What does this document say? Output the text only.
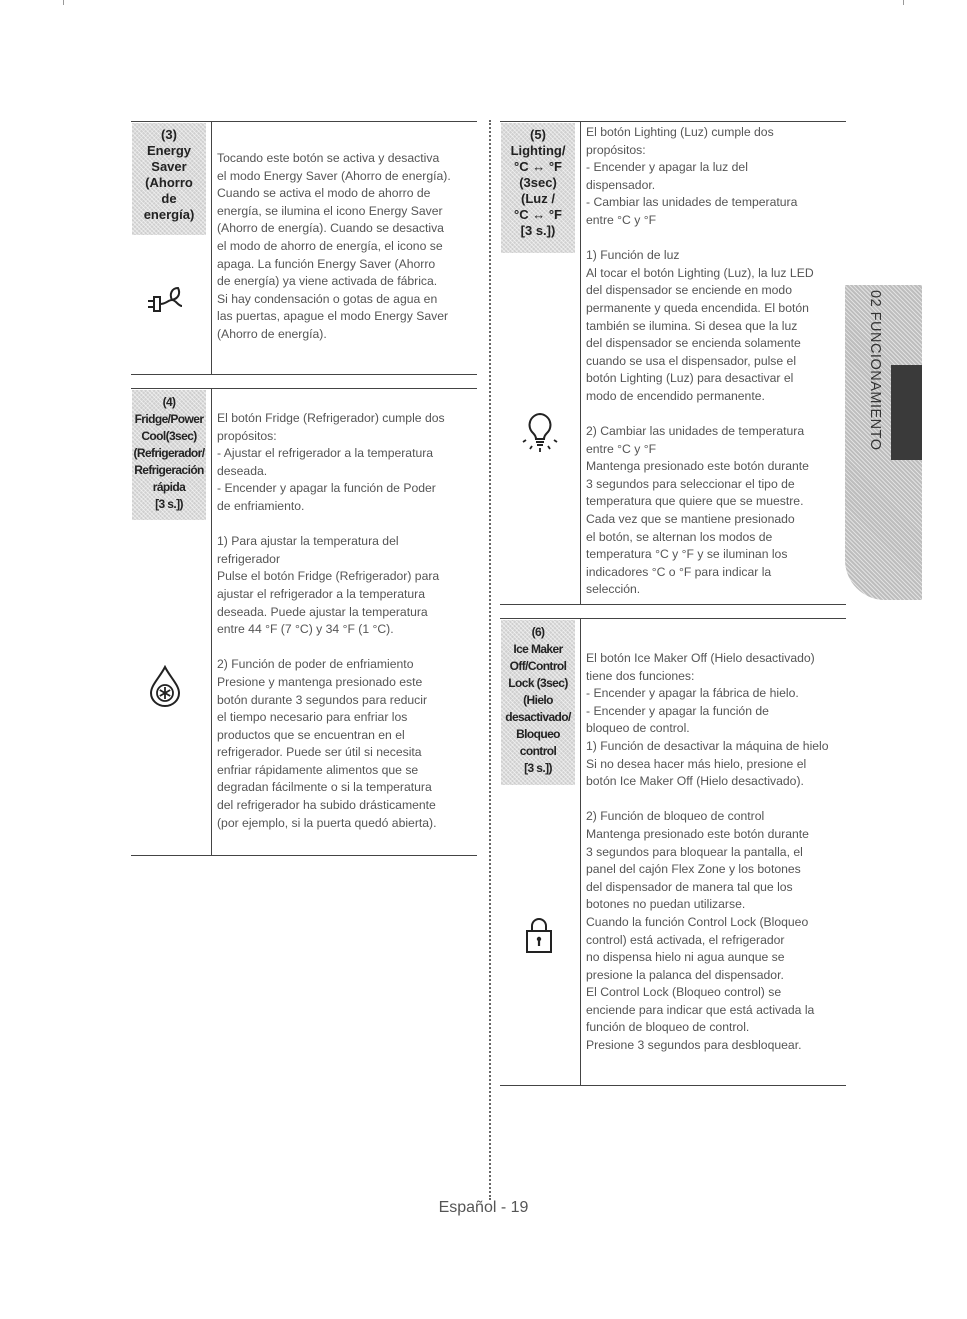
(3)
Energy
Saver
(Ahorro
de
energía)

Tocando este botón se activa y desactiva
el modo Energy Saver (Ahorro de energía).
Cuando se activa el modo de ahorro de
energía, se ilumina el icono Energy Saver
(Ahorro de energía). Cuando se desactiva
el modo de ahorro de energía, el icono se
apaga. La función Energy Saver (Ahorro
de energía) ya viene activada de fábrica.
Si hay condensación o gotas de agua en
las puertas, apague el modo Energy Saver
(Ahorro de energía).

(4)
Fridge/Power
Cool(3sec)
(Refrigerador/
Refrigeración
rápida
[3 s.])

El botón Fridge (Refrigerador) cumple dos
propósitos:
- Ajustar el refrigerador a la temperatura
deseada.
- Encender y apagar la función de Poder
de enfriamiento.

1) Para ajustar la temperatura del
refrigerador
Pulse el botón Fridge (Refrigerador) para
ajustar el refrigerador a la temperatura
deseada. Puede ajustar la temperatura
entre 44 °F (7 °C) y 34 °F (1 °C).

2) Función de poder de enfriamiento
Presione y mantenga presionado este
botón durante 3 segundos para reducir
el tiempo necesario para enfriar los
productos que se encuentran en el
refrigerador. Puede ser útil si necesita
enfriar rápidamente alimentos que se
degradan fácilmente o si la temperatura
del refrigerador ha subido drásticamente
(por ejemplo, si la puerta quedó abierta).

(5)
Lighting/
°C ↔ °F
(3sec)
(Luz /
°C ↔ °F
[3 s.])

El botón Lighting (Luz) cumple dos
propósitos:
- Encender y apagar la luz del
dispensador.
- Cambiar las unidades de temperatura
entre °C y °F

1) Función de luz
Al tocar el botón Lighting (Luz), la luz LED
del dispensador se enciende en modo
permanente y queda encendida. El botón
también se ilumina. Si desea que la luz
del dispensador se encienda solamente
cuando se usa el dispensador, pulse el
botón Lighting (Luz) para desactivar el
modo de encendido permanente.

2) Cambiar las unidades de temperatura
entre °C y °F
Mantenga presionado este botón durante
3 segundos para seleccionar el tipo de
temperatura que quiere que se muestre.
Cada vez que se mantiene presionado
el botón, se alternan los modos de
temperatura °C y °F y se iluminan los
indicadores °C o °F para indicar la
selección.

(6)
Ice Maker
Off/Control
Lock (3sec)
(Hielo
desactivado/
Bloqueo
control
[3 s.])

El botón Ice Maker Off (Hielo desactivado)
tiene dos funciones:
- Encender y apagar la fábrica de hielo.
- Encender y apagar la función de
bloqueo de control.
1) Función de desactivar la máquina de hielo
Si no desea hacer más hielo, presione el
botón Ice Maker Off (Hielo desactivado).

2) Función de bloqueo de control
Mantenga presionado este botón durante
3 segundos para bloquear la pantalla, el
panel del cajón Flex Zone y los botones
del dispensador de manera tal que los
botones no puedan utilizarse.
Cuando la función Control Lock (Bloqueo
control) está activada, el refrigerador
no dispensa hielo ni agua aunque se
presione la palanca del dispensador.
El Control Lock (Bloqueo control) se
enciende para indicar que está activada la
función de bloqueo de control.
Presione 3 segundos para desbloquear.

02 FUNCIONAMIENTO
Español - 19
